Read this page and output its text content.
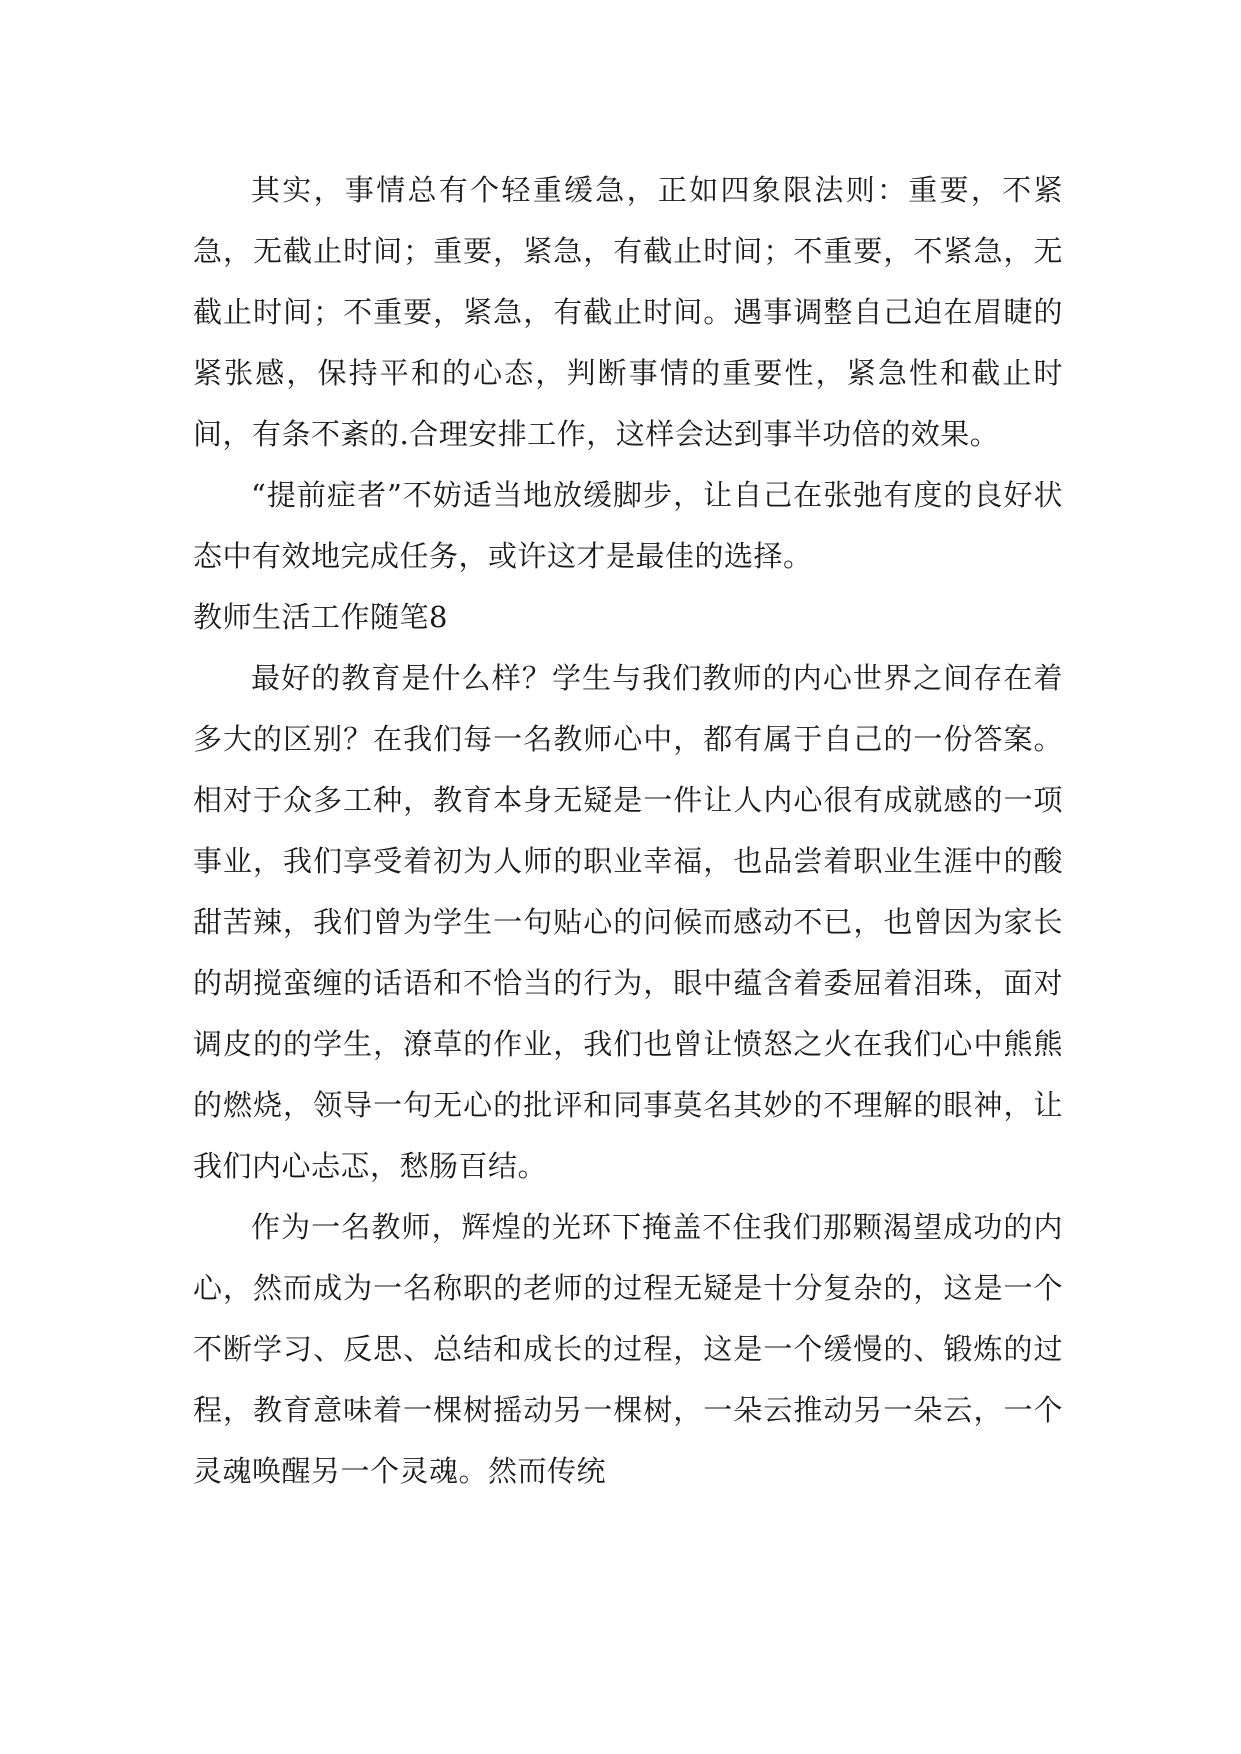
其实，事情总有个轻重缓急，正如四象限法则：重要，不紧急，无截止时间；重要，紧急，有截止时间；不重要，不紧急，无截止时间；不重要，紧急，有截止时间。遇事调整自己迫在眉睫的紧张感，保持平和的心态，判断事情的重要性，紧急性和截止时间，有条不紊的.合理安排工作，这样会达到事半功倍的效果。

“提前症者”不妨适当地放缓脚步，让自己在张弛有度的良好状态中有效地完成任务，或许这才是最佳的选择。

教师生活工作随笔8

最好的教育是什么样？学生与我们教师的内心世界之间存在着多大的区别？在我们每一名教师心中，都有属于自己的一份答案。相对于众多工种，教育本身无疑是一件让人内心很有成就感的一项事业，我们享受着初为人师的职业幸福，也品尝着职业生涯中的酸甜苦辣，我们曾为学生一句贴心的问候而感动不已，也曾因为家长的胡搅蛮缠的话语和不恰当的行为，眼中蕴含着委屈着泪珠，面对调皮的的学生，潦草的作业，我们也曾让愤怒之火在我们心中熊熊的燃烧，领导一句无心的批评和同事莫名其妙的不理解的眼神，让我们内心忐忑，愁肠百结。

作为一名教师，辉煌的光环下掩盖不住我们那颗渴望成功的内心，然而成为一名称职的老师的过程无疑是十分复杂的，这是一个不断学习、反思、总结和成长的过程，这是一个缓慢的、锻炼的过程，教育意味着一棵树摇动另一棵树，一朵云推动另一朵云，一个灵魂唤醒另一个灵魂。然而传统
